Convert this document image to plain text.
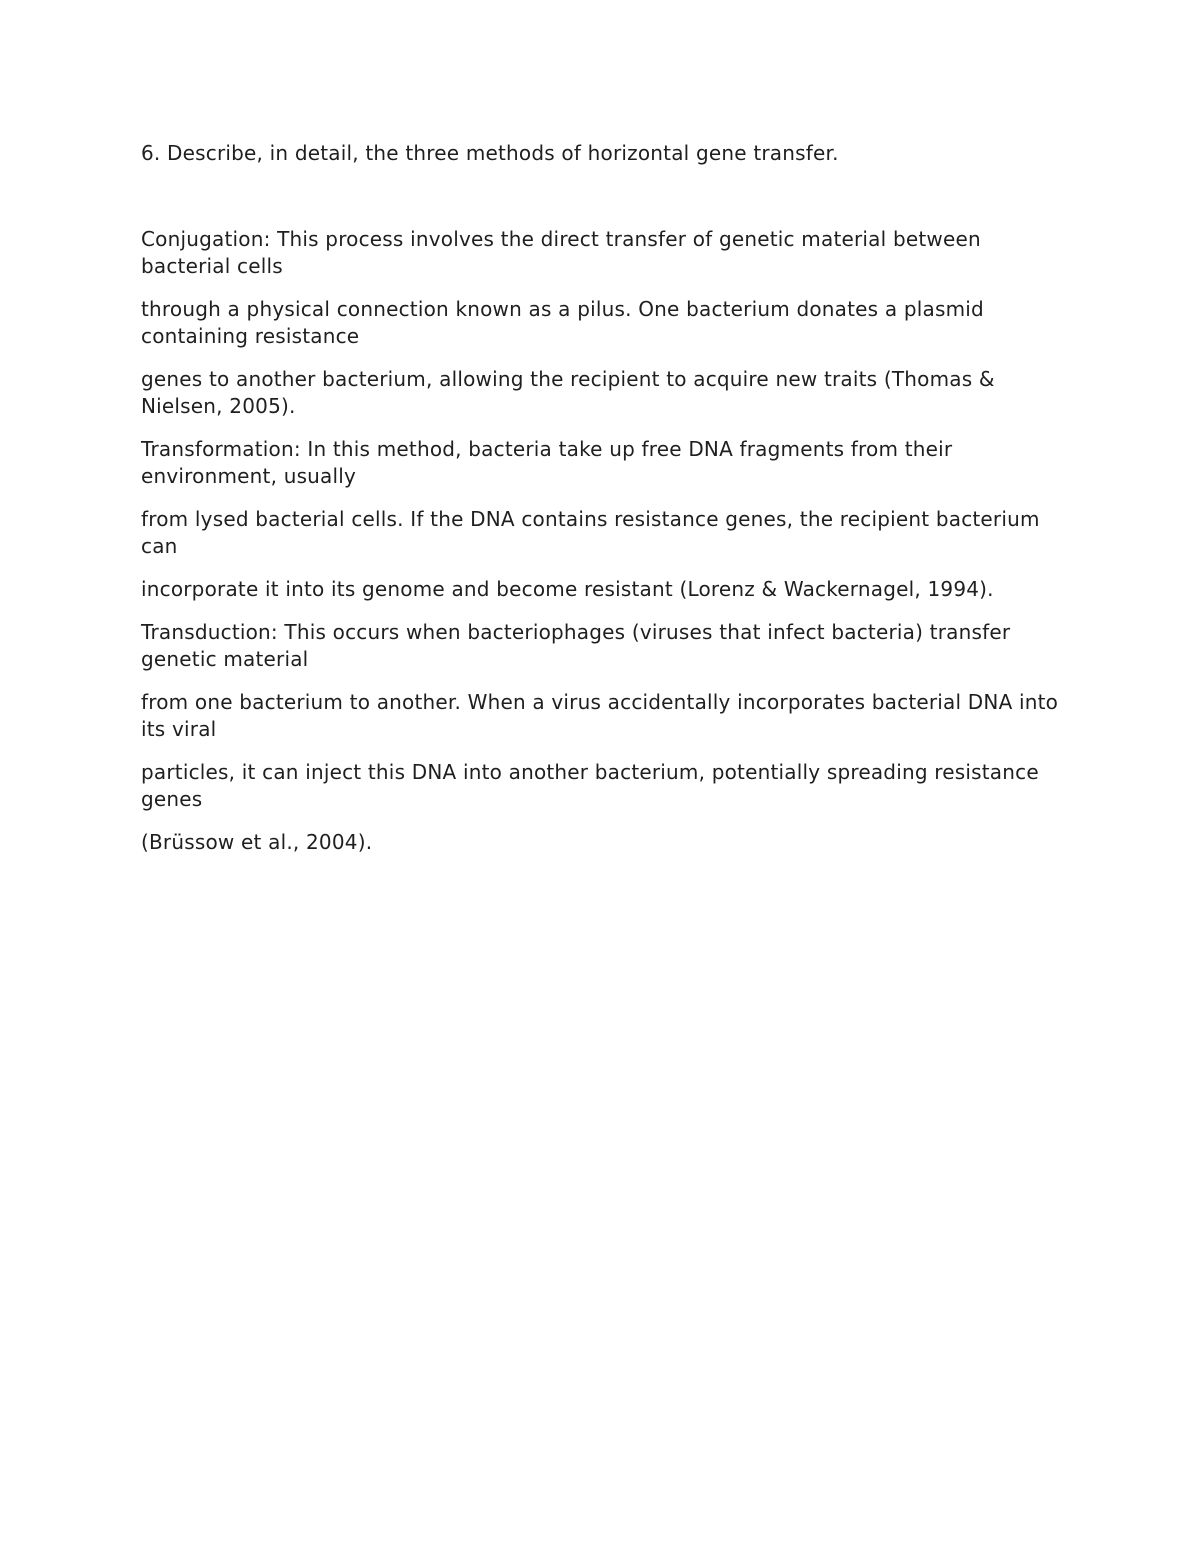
6. Describe, in detail, the three methods of horizontal gene transfer.

Conjugation: This process involves the direct transfer of genetic material between bacterial cells

through a physical connection known as a pilus. One bacterium donates a plasmid containing resistance

genes to another bacterium, allowing the recipient to acquire new traits (Thomas & Nielsen, 2005).

Transformation: In this method, bacteria take up free DNA fragments from their environment, usually

from lysed bacterial cells. If the DNA contains resistance genes, the recipient bacterium can

incorporate it into its genome and become resistant (Lorenz & Wackernagel, 1994).

Transduction: This occurs when bacteriophages (viruses that infect bacteria) transfer genetic material

from one bacterium to another. When a virus accidentally incorporates bacterial DNA into its viral

particles, it can inject this DNA into another bacterium, potentially spreading resistance genes

(Brüssow et al., 2004).
